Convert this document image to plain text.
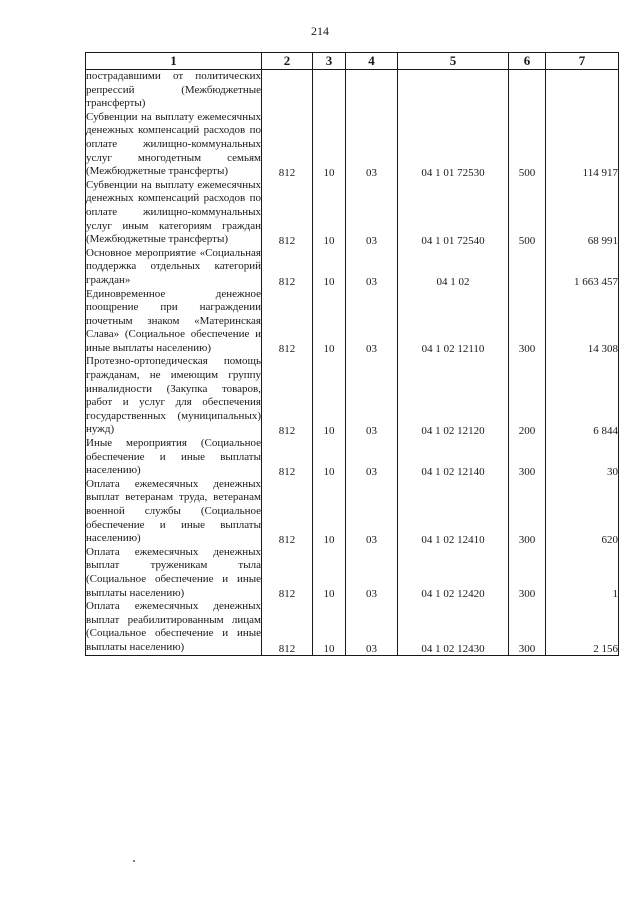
214
1	2	3	4	5	6	7
пострадавшими от политических репрессий (Межбюджетные трансферты)						
Субвенции на выплату ежемесячных денежных компенсаций расходов по оплате жилищно-коммунальных услуг многодетным семьям (Межбюджетные трансферты)	812	10	03	04 1 01 72530	500	114 917
Субвенции на выплату ежемесячных денежных компенсаций расходов по оплате жилищно-коммунальных услуг иным категориям граждан (Межбюджетные трансферты)	812	10	03	04 1 01 72540	500	68 991
Основное мероприятие «Социальная поддержка отдельных категорий граждан»	812	10	03	04 1 02		1 663 457
Единовременное денежное поощрение при награждении почетным знаком «Материнская Слава» (Социальное обеспечение и иные выплаты населению)	812	10	03	04 1 02 12110	300	14 308
Протезно-ортопедическая помощь гражданам, не имеющим группу инвалидности (Закупка товаров, работ и услуг для обеспечения государственных (муниципальных) нужд)	812	10	03	04 1 02 12120	200	6 844
Иные мероприятия (Социальное обеспечение и иные выплаты населению)	812	10	03	04 1 02 12140	300	30
Оплата ежемесячных денежных выплат ветеранам труда, ветеранам военной службы (Социальное обеспечение и иные выплаты населению)	812	10	03	04 1 02 12410	300	620
Оплата ежемесячных денежных выплат труженикам тыла (Социальное обеспечение и иные выплаты населению)	812	10	03	04 1 02 12420	300	1
Оплата ежемесячных денежных выплат реабилитированным лицам (Социальное обеспечение и иные выплаты населению)	812	10	03	04 1 02 12430	300	2 156
